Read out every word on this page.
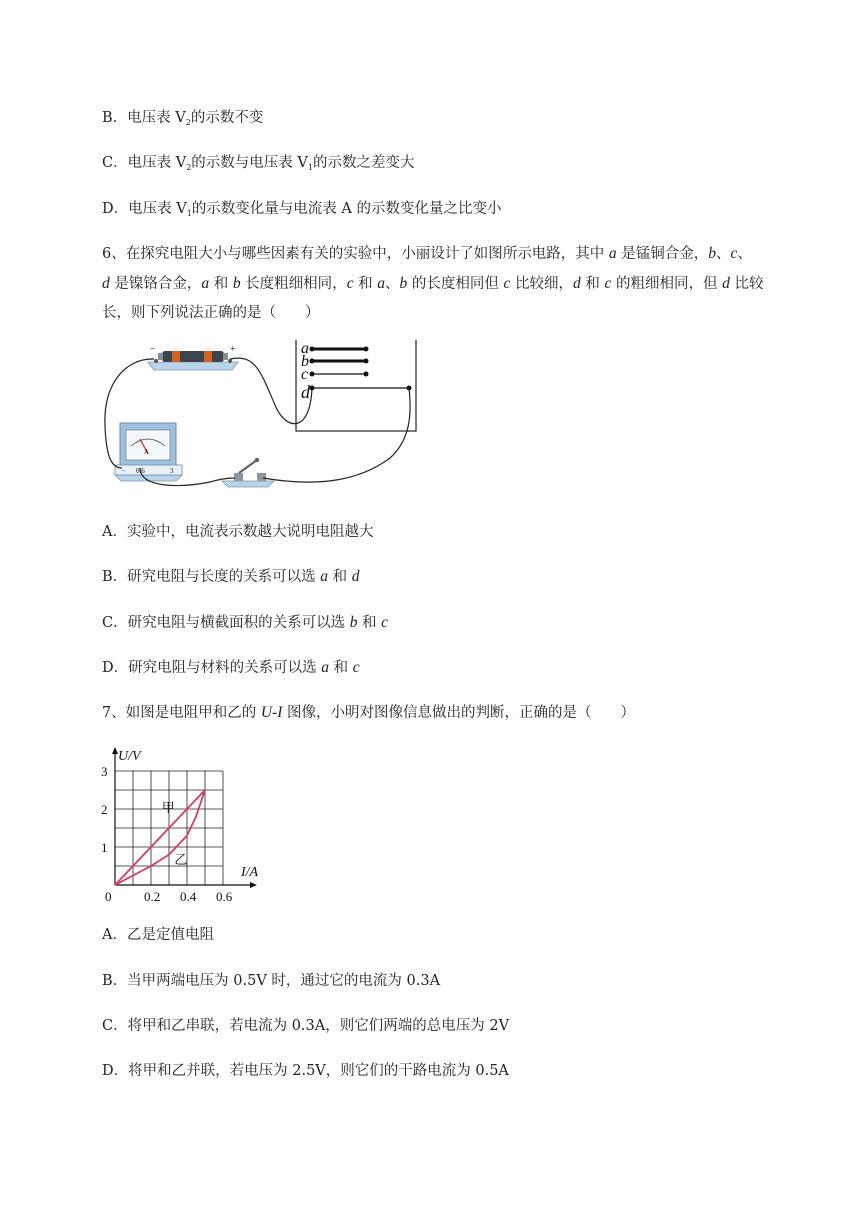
B．电压表 $V_2$的示数不变
C．电压表 $V_2$的示数与电压表 $V_1$的示数之差变大
D．电压表 $V_1$的示数变化量与电流表 A 的示数变化量之比变小
6、在探究电阻大小与哪些因素有关的实验中，小丽设计了如图所示电路，其中 a 是锰铜合金，b、c、
d 是镍铬合金，a 和 b 长度粗细相同，c 和 a、b 的长度相同但 c 比较细，d 和 c 的粗细相同，但 d 比较
长，则下列说法正确的是（　　）
−	+	a
b
c
d
A
− 0.6	3
A．实验中，电流表示数越大说明电阻越大
B．研究电阻与长度的关系可以选 a 和 d
C．研究电阻与横截面积的关系可以选 b 和 c
D．研究电阻与材料的关系可以选 a 和 c
7、如图是电阻甲和乙的 U-I 图像，小明对图像信息做出的判断，正确的是（　　）
U/V
I/A
0	0.2 0.4 0.6
1
2
3
甲
乙
A．乙是定值电阻
B．当甲两端电压为 0.5V 时，通过它的电流为 0.3A
C．将甲和乙串联，若电流为 0.3A，则它们两端的总电压为 2V
D．将甲和乙并联，若电压为 2.5V，则它们的干路电流为 0.5A
